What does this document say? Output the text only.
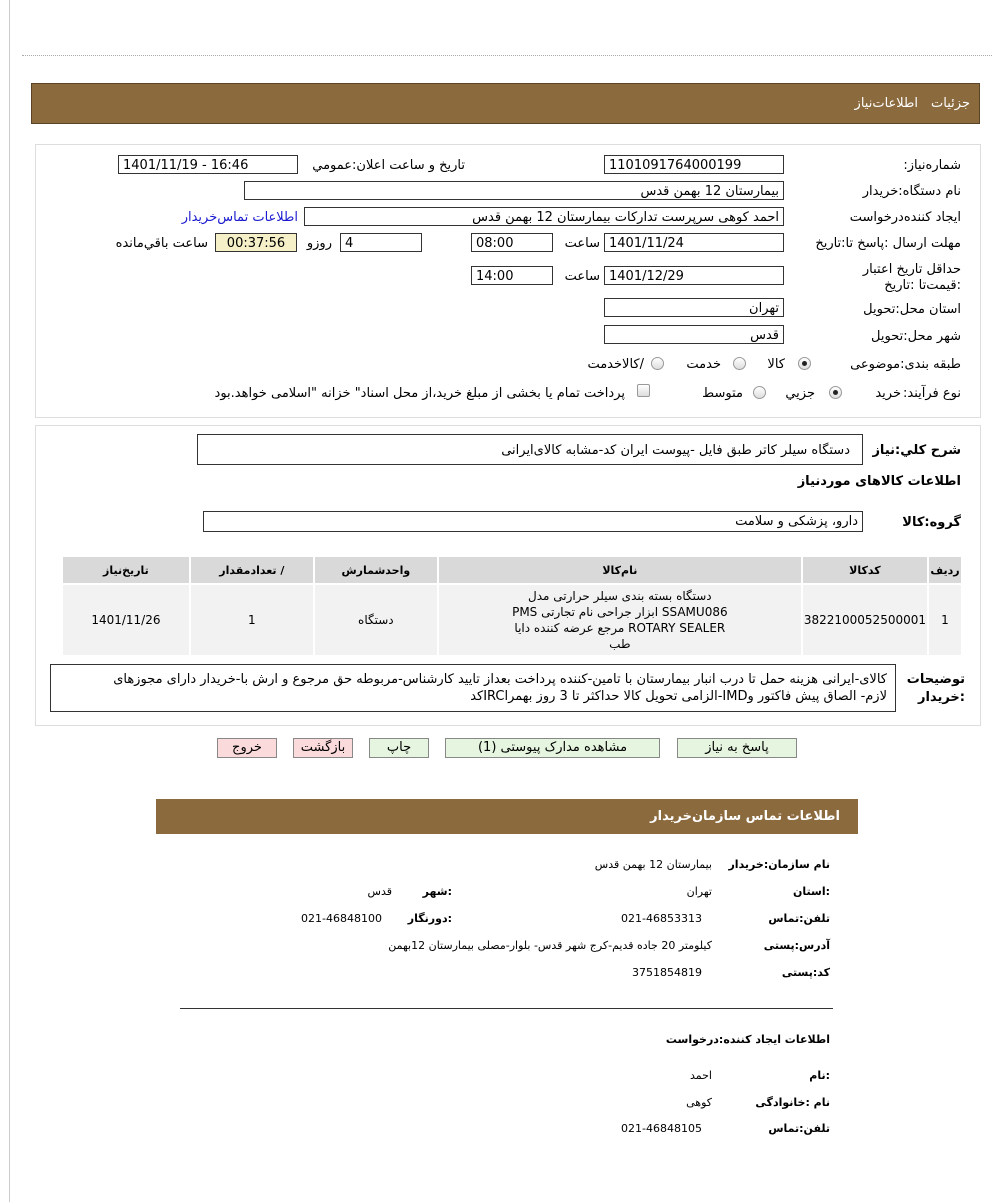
جزئیات
اطلاعات‌نیاز
شماره‌نیاز:
1101091764000199
تاریخ و ساعت اعلان‌:عمومي
1401/11/19 - 16:46
نام دستگاه‌:خریدار
بیمارستان 12 بهمن قدس
ایجاد کننده‌درخواست
احمد کوهی سرپرست تداركات بیمارستان 12 بهمن قدس
اطلاعات تماس‌خریدار
مهلت ارسال :پاسخ تا‌:تاریخ
1401/11/24
ساعت
08:00
4
روزو
00:37:56
ساعت باقي‌مانده
حداقل تاریخ اعتبار :قیمت‌تا :تاریخ
1401/12/29
ساعت
14:00
استان محل‌:تحویل
تهران
شهر محل‌:تحویل
قدس
طبقه بندی‌:موضوعی
کالا
خدمت
/کالاخدمت
نوع فرآیند:
خرید
جزيي
متوسط
پرداخت تمام یا بخشی از مبلغ خرید،از محل اسناد" خزانه "اسلامی خواهد.بود
شرح کلي:نياز
دستگاه سیلر کاتر طبق فایل -پیوست ایران کد-مشابه کالای‌ایرانی
اطلاعات کالاهای موردنیاز
گروه:کالا
دارو، پزشکی و سلامت
رديف	کدکالا	نام‌کالا	واحدشمارش	/ تعدادمقدار	تاریخ‌نیاز
1	3822100052500001	دستگاه بسته بندی سیلر حرارتی مدل
SSAMU086 ابزار جراحی نام تجارتی PMS
ROTARY SEALER مرجع عرضه کننده دایا
طب	دستگاه	1	1401/11/26
توضیحات
:خریدار
کالای-ایرانی هزینه حمل تا درب انبار بیمارستان با تامین-کننده پرداخت بعداز تایید کارشناس-مربوطه حق مرجوع و ارش با-خریدار دارای مجوزهای
لازم- الصاق پیش فاکتور وIMD-الزامی تحویل کالا حداکثر تا 3 روز بهمراIRCکد
پاسخ به نیاز
مشاهده مدارک پیوستی (1)
چاپ
بازگشت
خروج
اطلاعات تماس سازمان‌خریدار
نام سازمان‌:خریدار
بیمارستان 12 بهمن قدس
:استان
تهران
:شهر
قدس
تلفن‌:تماس
021-46853313
:دورنگار
021-46848100
آدرس‌:پستی
کیلومتر 20 جاده قدیم-کرج شهر قدس- بلوار-مصلی بیمارستان 12بهمن
کد:پستی
3751854819
اطلاعات ایجاد کننده‌:درخواست
:نام
احمد
نام :خانوادگی
کوهی
تلفن‌:تماس
021-46848105
